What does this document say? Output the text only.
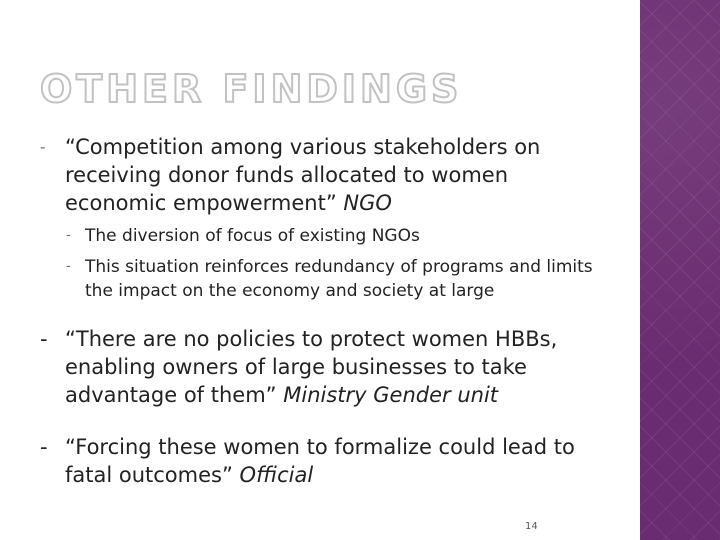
OTHER FINDINGS
- “Competition among various stakeholders on receiving donor funds allocated to women economic empowerment” NGO
- The diversion of focus of existing NGOs
- This situation reinforces redundancy of programs and limits the impact on the economy and society at large
- “There are no policies to protect women HBBs, enabling owners of large businesses to take advantage of them” Ministry Gender unit
- “Forcing these women to formalize could lead to fatal outcomes” Official
14
